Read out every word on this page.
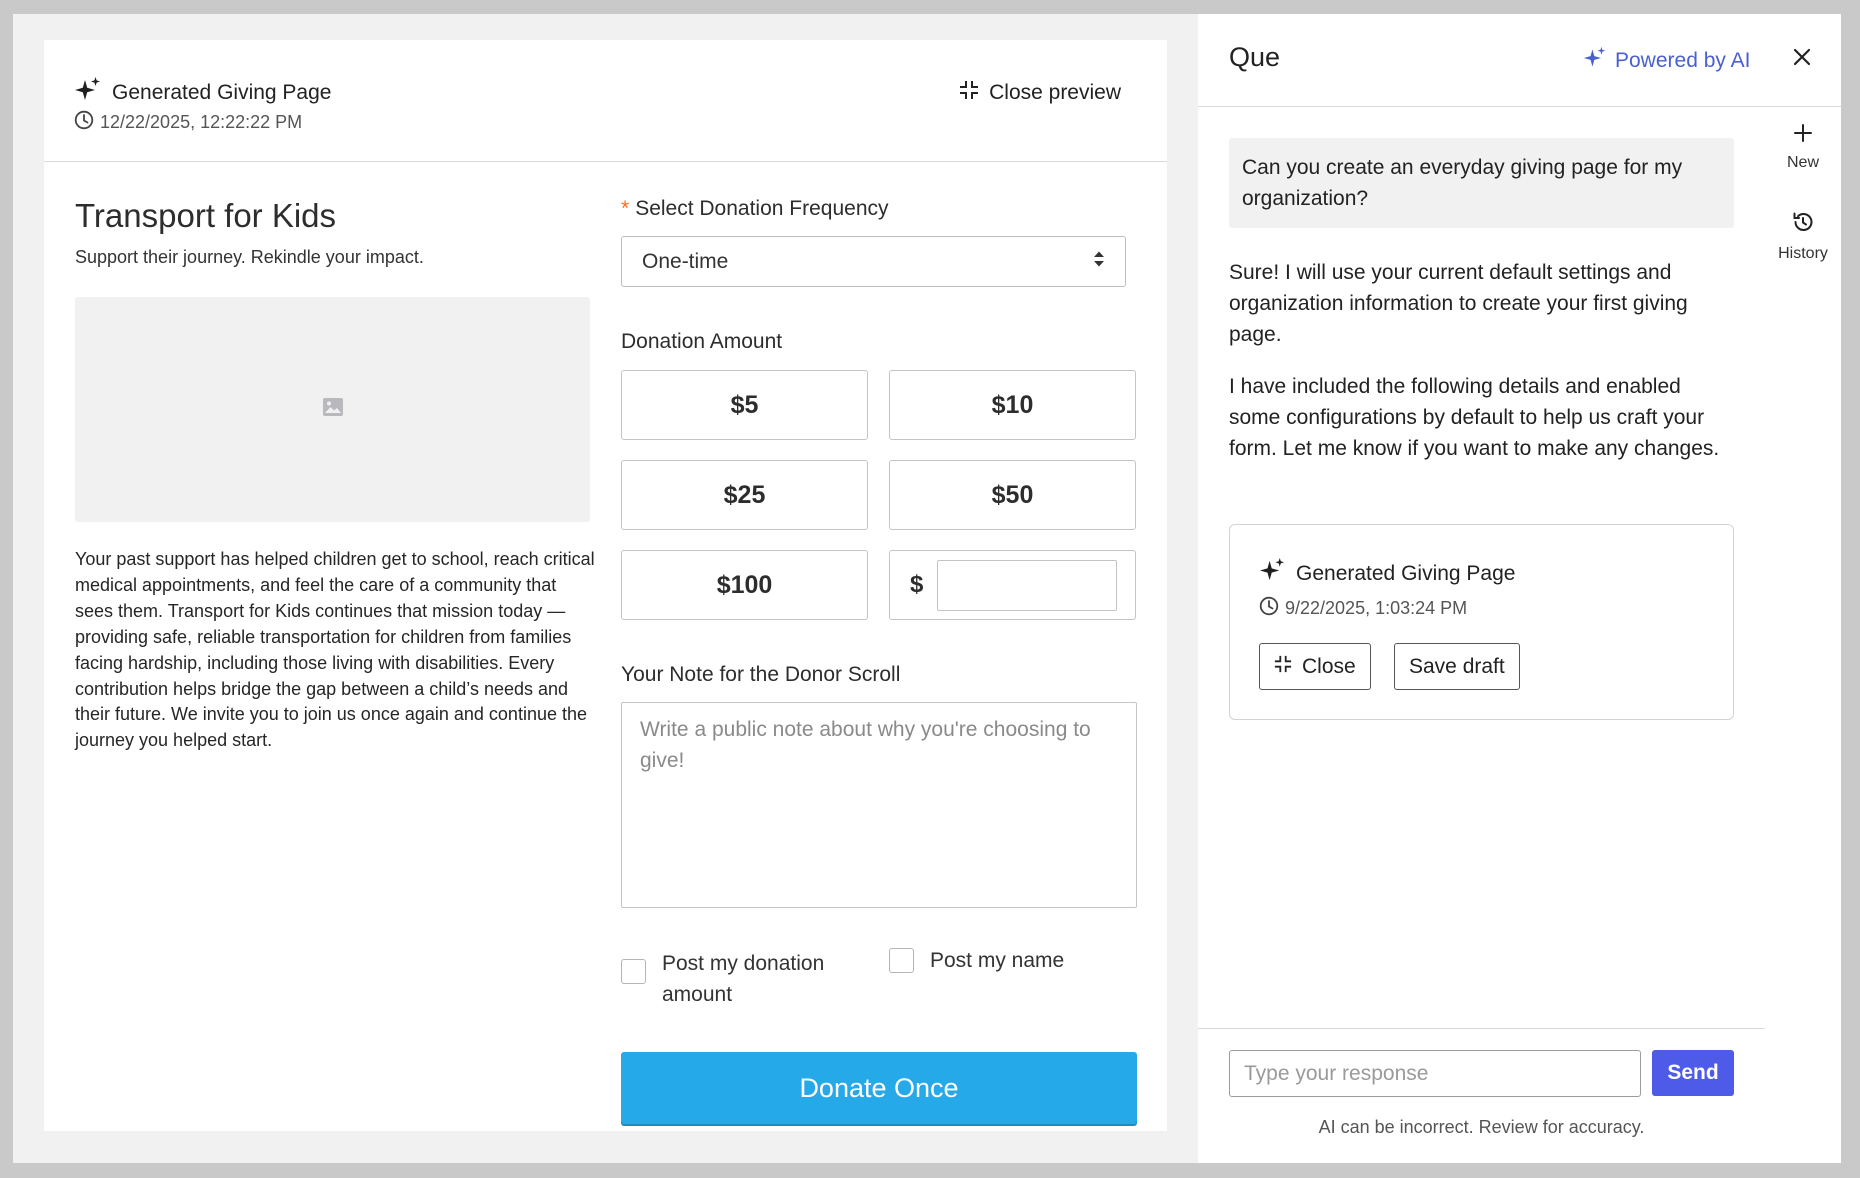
Generated Giving Page
12/22/2025, 12:22:22 PM
Close preview
Transport for Kids
Support their journey. Rekindle your impact.
Your past support has helped children get to school, reach critical medical appointments, and feel the care of a community that sees them. Transport for Kids continues that mission today — providing safe, reliable transportation for children from families facing hardship, including those living with disabilities. Every contribution helps bridge the gap between a child’s needs and their future. We invite you to join us once again and continue the journey you helped start.
* Select Donation Frequency
One-time
Donation Amount
$5	$10
$25	$50
$100	$
Your Note for the Donor Scroll
Write a public note about why you're choosing to give!
Post my donation amount
Post my name
Donate Once
Que	Powered by AI
New
History
Can you create an everyday giving page for my organization?

Sure! I will use your current default settings and organization information to create your first giving page.

I have included the following details and enabled some configurations by default to help us craft your form. Let me know if you want to make any changes.

Generated Giving Page
9/22/2025, 1:03:24 PM
Close	Save draft
Type your response
Send
AI can be incorrect. Review for accuracy.
